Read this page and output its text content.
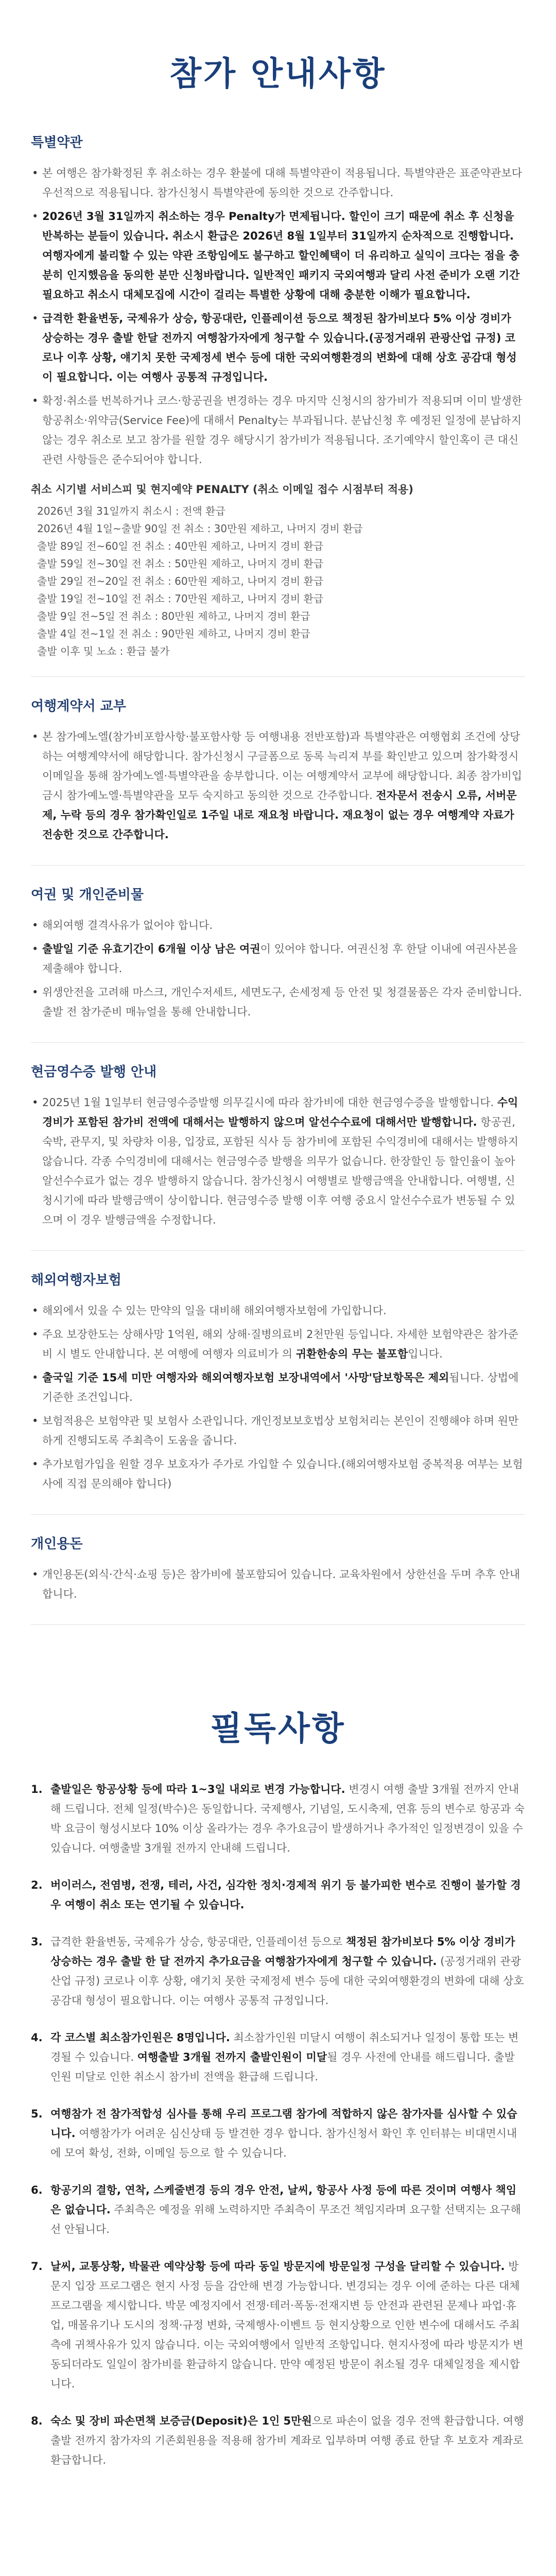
참가 안내사항
특별약관
• 본 여행은 참가확정된 후 취소하는 경우 환불에 대해 특별약관이 적용됩니다. 특별약관은 표준약관보다 우선적으로 적용됩니다. 참가신청시 특별약관에 동의한 것으로 간주합니다.
• 2026년 3월 31일까지 취소하는 경우 Penalty가 면제됩니다. 할인이 크기 때문에 취소 후 신청을 반복하는 분들이 있습니다. 취소시 환급은 2026년 8월 1일부터 31일까지 순차적으로 진행합니다. 여행자에게 불리할 수 있는 약관 조항임에도 불구하고 할인혜택이 더 유리하고 실익이 크다는 점을 충분히 인지했음을 동의한 분만 신청바랍니다. 일반적인 패키지 국외여행과 달리 사전 준비가 오랜 기간 필요하고 취소시 대체모집에 시간이 걸리는 특별한 상황에 대해 충분한 이해가 필요합니다.
• 급격한 환율변동, 국제유가 상승, 항공대란, 인플레이션 등으로 책정된 참가비보다 5% 이상 경비가 상승하는 경우 출발 한달 전까지 여행참가자에게 청구할 수 있습니다.(공정거래위 관광산업 규정) 코로나 이후 상황, 얘기치 못한 국제정세 변수 등에 대한 국외여행환경의 변화에 대해 상호 공감대 형성이 필요합니다. 이는 여행사 공통적 규정입니다.
• 확정·취소를 번복하거나 코스·항공권을 변경하는 경우 마지막 신청시의 참가비가 적용되며 이미 발생한 항공취소·위약금(Service Fee)에 대해서 Penalty는 부과됩니다. 분납신청 후 예정된 일정에 분납하지 않는 경우 취소로 보고 참가를 원할 경우 해당시기 참가비가 적용됩니다. 조기예약시 할인혹이 큰 대신 관련 사항들은 준수되어야 합니다.
취소 시기별 서비스피 및 현지예약 PENALTY (취소 이메일 접수 시점부터 적용)
2026년 3월 31일까지 취소시 : 전액 환급
2026년 4월 1일~출발 90일 전 취소 : 30만원 제하고, 나머지 경비 환급
출발 89일 전~60일 전 취소 : 40만원 제하고, 나머지 경비 환급
출발 59일 전~30일 전 취소 : 50만원 제하고, 나머지 경비 환급
출발 29일 전~20일 전 취소 : 60만원 제하고, 나머지 경비 환급
출발 19일 전~10일 전 취소 : 70만원 제하고, 나머지 경비 환급
출발 9일 전~5일 전 취소 : 80만원 제하고, 나머지 경비 환급
출발 4일 전~1일 전 취소 : 90만원 제하고, 나머지 경비 환급
출발 이후 및 노쇼 : 환급 불가
여행계약서 교부
• 본 참가예노엘(참가비포함사항·불포함사항 등 여행내용 전반포함)과 특별약관은 여행협회 조건에 상당하는 여행계약서에 해당합니다. 참가신청시 구글폼으로 동록 늑리져 부를 확인받고 있으며 참가확정시 이메일을 통해 참가예노엘·특별약관을 송부합니다. 이는 여행계약서 교부에 해당합니다. 최종 참가비입금시 참가예노엘·특별약관을 모두 숙지하고 동의한 것으로 간주합니다. 전자문서 전송시 오류, 서버문제, 누락 등의 경우 참가확인일로 1주일 내로 재요청 바랍니다. 재요청이 없는 경우 여행계약 자료가 전송한 것으로 간주합니다.
여권 및 개인준비물
• 해외여행 결격사유가 없어야 합니다.
• 출발일 기준 유효기간이 6개월 이상 남은 여권이 있어야 합니다. 여권신청 후 한달 이내에 여권사본을 제출해야 합니다.
• 위생안전을 고려해 마스크, 개인수저세트, 세면도구, 손세정제 등 안전 및 청결물품은 각자 준비합니다. 출발 전 참가준비 매뉴얼을 통해 안내합니다.
현금영수증 발행 안내
• 2025년 1월 1일부터 현금영수증발행 의무길시에 따라 참가비에 대한 현금영수증을 발행합니다. 수익경비가 포함된 참가비 전액에 대해서는 발행하지 않으며 알선수수료에 대해서만 발행합니다. 항공권, 숙박, 관무지, 및 차량차 이용, 입장료, 포함된 식사 등 참가비에 포함된 수익경비에 대해서는 발행하지 않습니다. 각종 수익경비에 대해서는 현금영수증 발행을 의무가 없습니다. 한장할인 등 할인율이 높아 알선수수료가 없는 경우 발행하지 않습니다. 참가신청시 여행별로 발행금액을 안내합니다. 여행별, 신청시기에 따라 발행금액이 상이합니다. 현금영수증 발행 이후 여행 중요시 알선수수료가 변동될 수 있으며 이 경우 발행금액을 수정합니다.
해외여행자보험
• 해외에서 있을 수 있는 만약의 일을 대비해 해외여행자보험에 가입합니다.
• 주요 보장한도는 상해사망 1억원, 해외 상해·질병의료비 2천만원 등입니다. 자세한 보험약관은 참가준비 시 별도 안내합니다. 본 여행에 여행자 의료비가 의 귀환한송의 무는 불포함입니다.
• 출국일 기준 15세 미만 여행자와 해외여행자보험 보장내역에서 '사망'담보항목은 제외됩니다. 상법에 기준한 조건입니다.
• 보험적용은 보험약관 및 보험사 소관입니다. 개인정보보호법상 보험처리는 본인이 진행해야 하며 원만하게 진행되도록 주최측이 도움을 줍니다.
• 추가보험가입을 원할 경우 보호자가 주가로 가입할 수 있습니다.(해외여행자보험 중복적용 여부는 보험사에 직접 문의해야 합니다)
개인용돈
• 개인용돈(외식·간식·쇼핑 등)은 참가비에 불포함되어 있습니다. 교육차원에서 상한선을 두며 추후 안내합니다.
필독사항
1. 출발일은 항공상황 등에 따라 1~3일 내외로 변경 가능합니다. 변경시 여행 출발 3개월 전까지 안내해 드립니다. 전체 일정(박수)은 동일합니다. 국제행사, 기념일, 도시축제, 연휴 등의 변수로 항공과 숙박 요금이 형성시보다 10% 이상 올라가는 경우 추가요금이 발생하거나 추가적인 일정변경이 있을 수 있습니다. 여행출발 3개월 전까지 안내해 드립니다.
2. 버이러스, 전염병, 전쟁, 테러, 사건, 심각한 정치·경제적 위기 등 불가피한 변수로 진행이 불가할 경우 여행이 취소 또는 연기될 수 있습니다.
3. 급격한 환율변동, 국제유가 상승, 항공대란, 인플레이션 등으로 책정된 참가비보다 5% 이상 경비가 상승하는 경우 출발 한 달 전까지 추가요금을 여행참가자에게 청구할 수 있습니다. (공정거래위 관광산업 규정) 코로나 이후 상황, 얘기치 못한 국제정세 변수 등에 대한 국외여행환경의 변화에 대해 상호 공감대 형성이 필요합니다. 이는 여행사 공통적 규정입니다.
4. 각 코스별 최소참가인원은 8명입니다. 최소참가인원 미달시 여행이 취소되거나 일정이 통합 또는 변경될 수 있습니다. 여행출발 3개월 전까지 출발인원이 미달될 경우 사전에 안내를 해드립니다. 출발인원 미달로 인한 취소시 참가비 전액을 환급해 드립니다.
5. 여행참가 전 참가적합성 심사를 통해 우리 프로그램 참가에 적합하지 않은 참가자를 심사할 수 있습니다. 여행참가가 어려운 심신상태 등 발견한 경우 합니다. 참가신청서 확인 후 인터뷰는 비대면시내에 모여 확성, 전화, 이메일 등으로 할 수 있습니다.
6. 항공기의 결항, 연착, 스케줄변경 등의 경우 안전, 날씨, 항공사 사정 등에 따른 것이며 여행사 책임은 없습니다. 주최측은 예정을 위해 노력하지만 주최측이 무조건 책임지라며 요구할 선택지는 요구해선 안됩니다.
7. 날씨, 교통상황, 박물관 예약상황 등에 따라 동일 방문지에 방문일정 구성을 달리할 수 있습니다. 방문지 입장 프로그램은 현지 사정 등을 감안해 변경 가능합니다. 변경되는 경우 이에 준하는 다른 대체 프로그램을 제시합니다. 박문 예정지에서 전쟁·테러·폭동·전재지변 등 안전과 관련된 문제나 파업·휴업, 매몰유기나 도시의 정책·규정 변화, 국제행사·이벤트 등 현지상황으로 인한 변수에 대해서도 주최측에 귀책사유가 있지 않습니다. 이는 국외여행에서 일반적 조항입니다. 현지사정에 따라 방문지가 변동되더라도 일일이 참가비를 환급하지 않습니다. 만약 예정된 방문이 취소될 경우 대체일정을 제시합니다.
8. 숙소 및 장비 파손면책 보증금(Deposit)은 1인 5만원으로 파손이 없을 경우 전액 환급합니다. 여행 출발 전까지 참가자의 기존회원용을 적용해 참가비 계좌로 입부하며 여행 종료 한달 후 보호자 계좌로 환급합니다.
